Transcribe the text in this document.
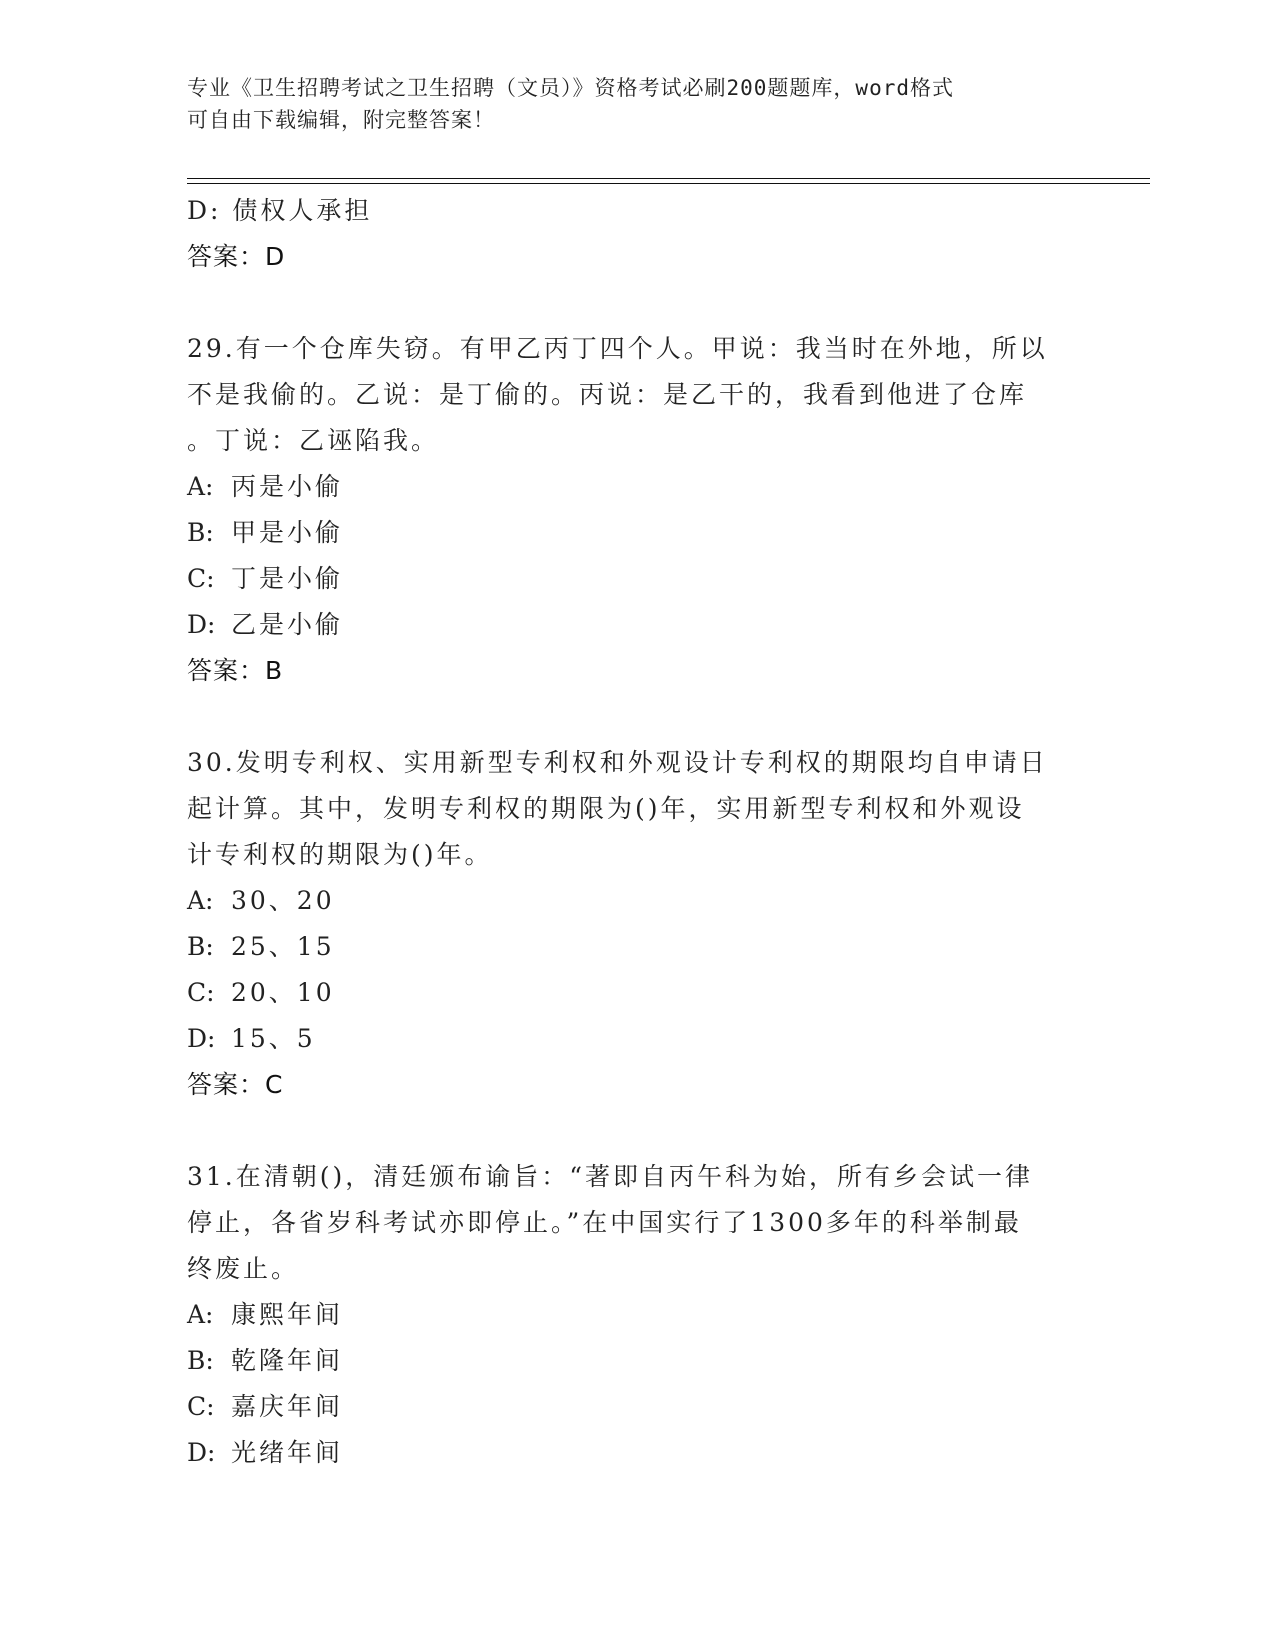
专业《卫生招聘考试之卫生招聘（文员）》资格考试必刷200题题库，word格式
可自由下载编辑，附完整答案！
D: 债权人承担
答案：D
29.有一个仓库失窃。有甲乙丙丁四个人。甲说：我当时在外地，所以
不是我偷的。乙说：是丁偷的。丙说：是乙干的，我看到他进了仓库
。丁说：乙诬陷我。
A: 丙是小偷
B: 甲是小偷
C: 丁是小偷
D: 乙是小偷
答案：B
30.发明专利权、实用新型专利权和外观设计专利权的期限均自申请日
起计算。其中，发明专利权的期限为()年，实用新型专利权和外观设
计专利权的期限为()年。
A: 30、20
B: 25、15
C: 20、10
D: 15、5
答案：C
31.在清朝()，清廷颁布谕旨：“著即自丙午科为始，所有乡会试一律
停止，各省岁科考试亦即停止。”在中国实行了1300多年的科举制最
终废止。
A: 康熙年间
B: 乾隆年间
C: 嘉庆年间
D: 光绪年间
